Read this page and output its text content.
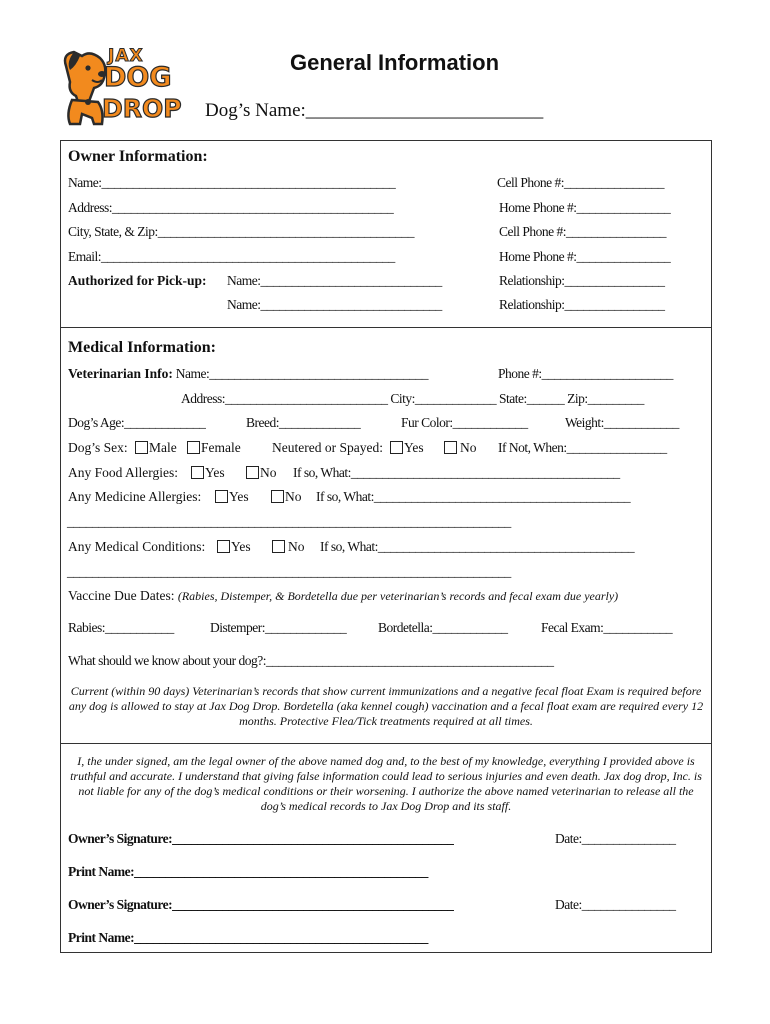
JAX
DOG
DROP
General Information
Dog’s Name:_________________________
Owner Information:
Name:_______________________________________________	Cell Phone #:________________
Address:_____________________________________________	Home Phone #:_______________
City, State, & Zip:_________________________________________	Cell Phone #:________________
Email:_______________________________________________	Home Phone #:_______________
Authorized for Pick-up: Name:_____________________________	Relationship:________________
Name:_____________________________	Relationship:________________
Medical Information:
Veterinarian Info: Name:___________________________________	Phone #:_____________________
Address:__________________________ City:_____________ State:______ Zip:_________
Dog’s Age:_____________	Breed:_____________	Fur Color:____________	Weight:____________
Dog’s Sex:	Male	Female Neutered or Spayed:	Yes	No If Not, When:________________
Any Food Allergies:	Yes	No If so, What:___________________________________________
Any Medicine Allergies:	Yes	No If so, What:_________________________________________
_______________________________________________________________________
Any Medical Conditions:	Yes	No If so, What:_________________________________________
_______________________________________________________________________
Vaccine Due Dates: (Rabies, Distemper, & Bordetella due per veterinarian’s records and fecal exam due yearly)
Rabies:___________	Distemper:_____________ Bordetella:____________ Fecal Exam:___________
What should we know about your dog?:______________________________________________
Current (within 90 days) Veterinarian’s records that show current immunizations and a negative fecal float Exam is required before any dog is allowed to stay at Jax Dog Drop. Bordetella (aka kennel cough) vaccination and a fecal float exam are required every 12 months. Protective Flea/Tick treatments required at all times.
I, the under signed, am the legal owner of the above named dog and, to the best of my knowledge, everything I provided above is truthful and accurate. I understand that giving false information could lead to serious injuries and even death. Jax dog drop, Inc. is not liable for any of the dog’s medical conditions or their worsening. I authorize the above named veterinarian to release all the dog’s medical records to Jax Dog Drop and its staff.
Owner’s Signature:_____________________________________________	Date:_______________
Print Name:_______________________________________________
Owner’s Signature:_____________________________________________	Date:_______________
Print Name:_______________________________________________
